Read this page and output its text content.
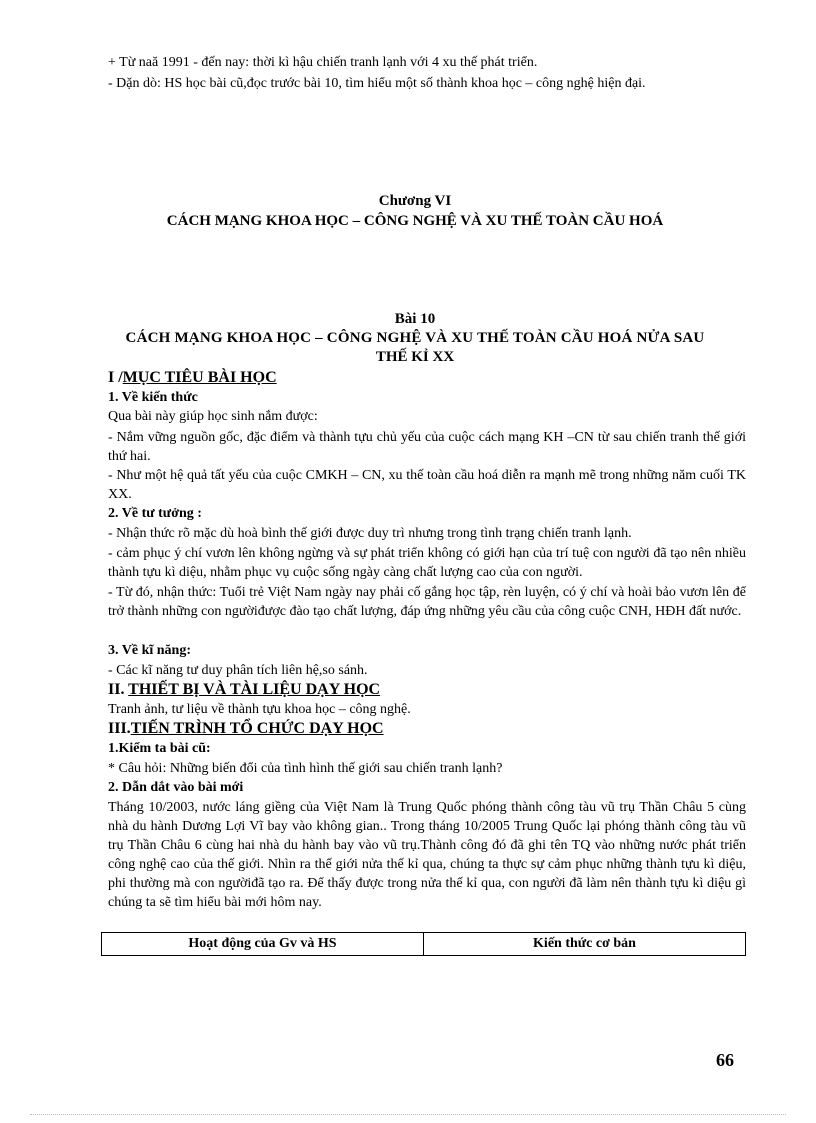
+ Từ naă 1991 - đến nay: thời kì hậu chiến tranh lạnh với 4 xu thế phát triển.
- Dặn dò: HS học bài cũ,đọc trước bài 10, tìm hiểu một số thành khoa học – công nghệ hiện đại.
Chương VI
CÁCH MẠNG KHOA HỌC – CÔNG NGHỆ VÀ XU THẾ TOÀN CẦU HOÁ
Bài 10
CÁCH MẠNG KHOA HỌC – CÔNG NGHỆ VÀ XU THẾ TOÀN CẦU HOÁ NỬA SAU
THẾ KỈ XX
I /MỤC TIÊU BÀI HỌC
1. Về kiến thức
Qua bài này giúp học sinh nắm được:
- Nắm vững nguồn gốc, đặc điểm và thành tựu chủ yếu của cuộc cách mạng KH –CN từ sau chiến tranh thế giới thứ hai.
- Như một hệ quả tất yếu của cuộc CMKH – CN, xu thế toàn cầu hoá diễn ra mạnh mẽ trong những năm cuối TK XX.
2. Về tư tưởng :
- Nhận thức rõ mặc dù hoà bình thế giới được duy trì nhưng trong tình trạng chiến tranh lạnh.
- cảm phục ý chí vươn lên không ngừng và sự phát triển không có giới hạn của trí tuệ con người đã tạo nên nhiều thành tựu kì diệu, nhằm phục vụ cuộc sống ngày càng chất lượng cao của con người.
- Từ đó, nhận thức: Tuổi trẻ Việt Nam ngày nay phải cố gắng học tập, rèn luyện, có ý chí và hoài bảo vươn lên để trở thành những con ngườiđược đào tạo chất lượng, đáp ứng những yêu cầu của công cuộc CNH, HĐH đất nước.
3. Về kĩ năng:
- Các kĩ năng tư duy phân tích liên hệ,so sánh.
II. THIẾT BỊ VÀ TÀI LIỆU DẠY HỌC
Tranh ảnh, tư liệu về thành tựu khoa học – công nghệ.
III.TIẾN TRÌNH TỔ CHỨC DẠY HỌC
1.Kiểm ta bài cũ:
* Câu hỏi: Những biến đổi của tình hình thế giới sau chiến tranh lạnh?
2. Dẫn dắt vào bài mới
Tháng 10/2003, nước láng giềng của Việt Nam là Trung Quốc phóng thành công tàu vũ trụ Thần Châu 5 cùng nhà du hành Dương Lợi Vĩ bay vào không gian.. Trong tháng 10/2005 Trung Quốc lại phóng thành công tàu vũ trụ Thần Châu 6 cùng hai nhà du hành bay vào vũ trụ.Thành công đó đã ghi tên TQ vào những nước phát triển công nghệ cao của thế giới. Nhìn ra thế giới nửa thế kỉ qua, chúng ta thực sự cảm phục những thành tựu kì diệu, phi thường mà con ngườiđã tạo ra. Để thấy được trong nửa thế kỉ qua, con người đã làm nên thành tựu kì diệu gì chúng ta sẽ tìm hiểu bài mới hôm nay.
Hoạt động của Gv và HS	Kiến thức cơ bản
66
